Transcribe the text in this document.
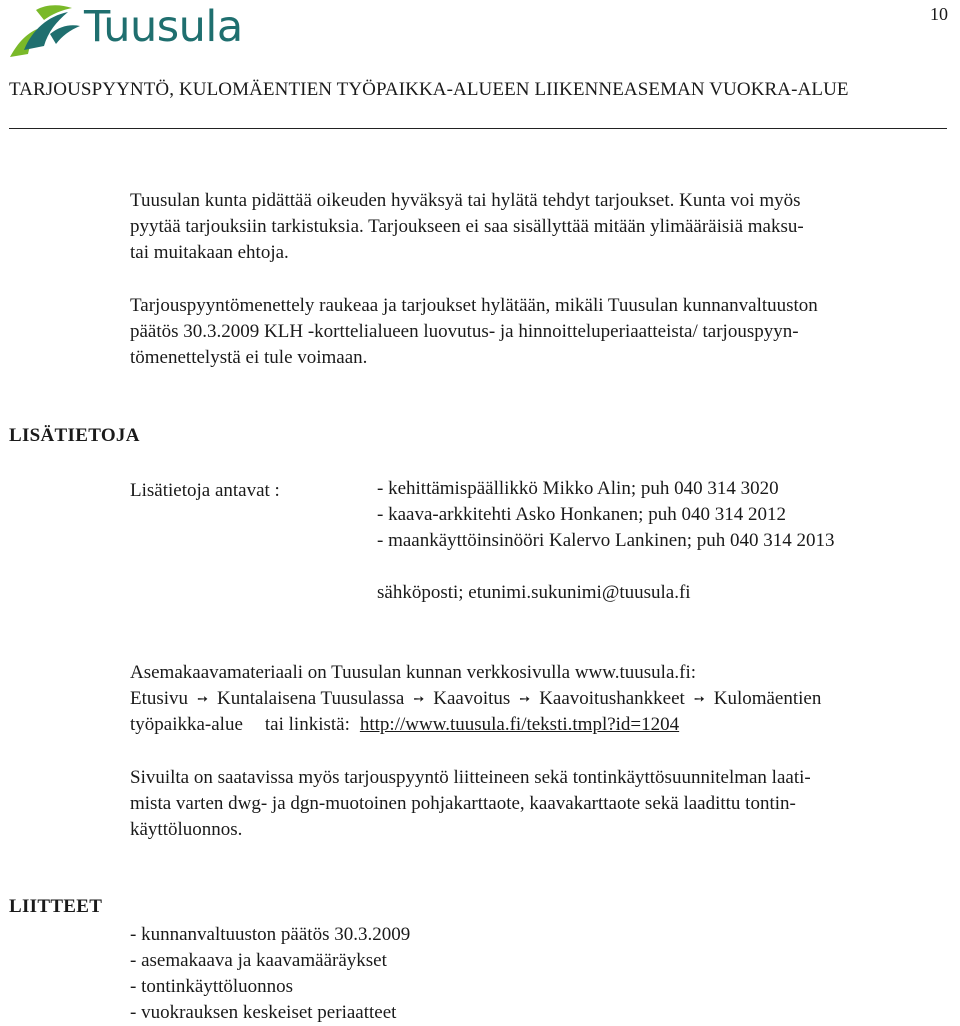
Tuusula	10
TARJOUSPYYNTÖ, KULOMÄENTIEN TYÖPAIKKA-ALUEEN LIIKENNEASEMAN VUOKRA-ALUE
Tuusulan kunta pidättää oikeuden hyväksyä tai hylätä tehdyt tarjoukset. Kunta voi myös
pyytää tarjouksiin tarkistuksia. Tarjoukseen ei saa sisällyttää mitään ylimääräisiä maksu-
tai muitakaan ehtoja.
Tarjouspyyntömenettely raukeaa ja tarjoukset hylätään, mikäli Tuusulan kunnanvaltuuston
päätös 30.3.2009 KLH -korttelialueen luovutus- ja hinnoitteluperiaatteista/ tarjouspyyn-
tömenettelystä ei tule voimaan.
LISÄTIETOJA
Lisätietoja antavat :	- kehittämispäällikkö Mikko Alin; puh 040 314 3020
- kaava-arkkitehti Asko Honkanen; puh 040 314 2012
- maankäyttöinsinööri Kalervo Lankinen; puh 040 314 2013
sähköposti; etunimi.sukunimi@tuusula.fi
Asemakaavamateriaali on Tuusulan kunnan verkkosivulla www.tuusula.fi:
Etusivu ➙ Kuntalaisena Tuusulassa ➙ Kaavoitus ➙ Kaavoitushankkeet ➙ Kulomäentien
työpaikka-alue tai linkistä: http://www.tuusula.fi/teksti.tmpl?id=1204
Sivuilta on saatavissa myös tarjouspyyntö liitteineen sekä tontinkäyttösuunnitelman laati-
mista varten dwg- ja dgn-muotoinen pohjakarttaote, kaavakarttaote sekä laadittu tontin-
käyttöluonnos.
LIITTEET
- kunnanvaltuuston päätös 30.3.2009
- asemakaava ja kaavamääräykset
- tontinkäyttöluonnos
- vuokrauksen keskeiset periaatteet
